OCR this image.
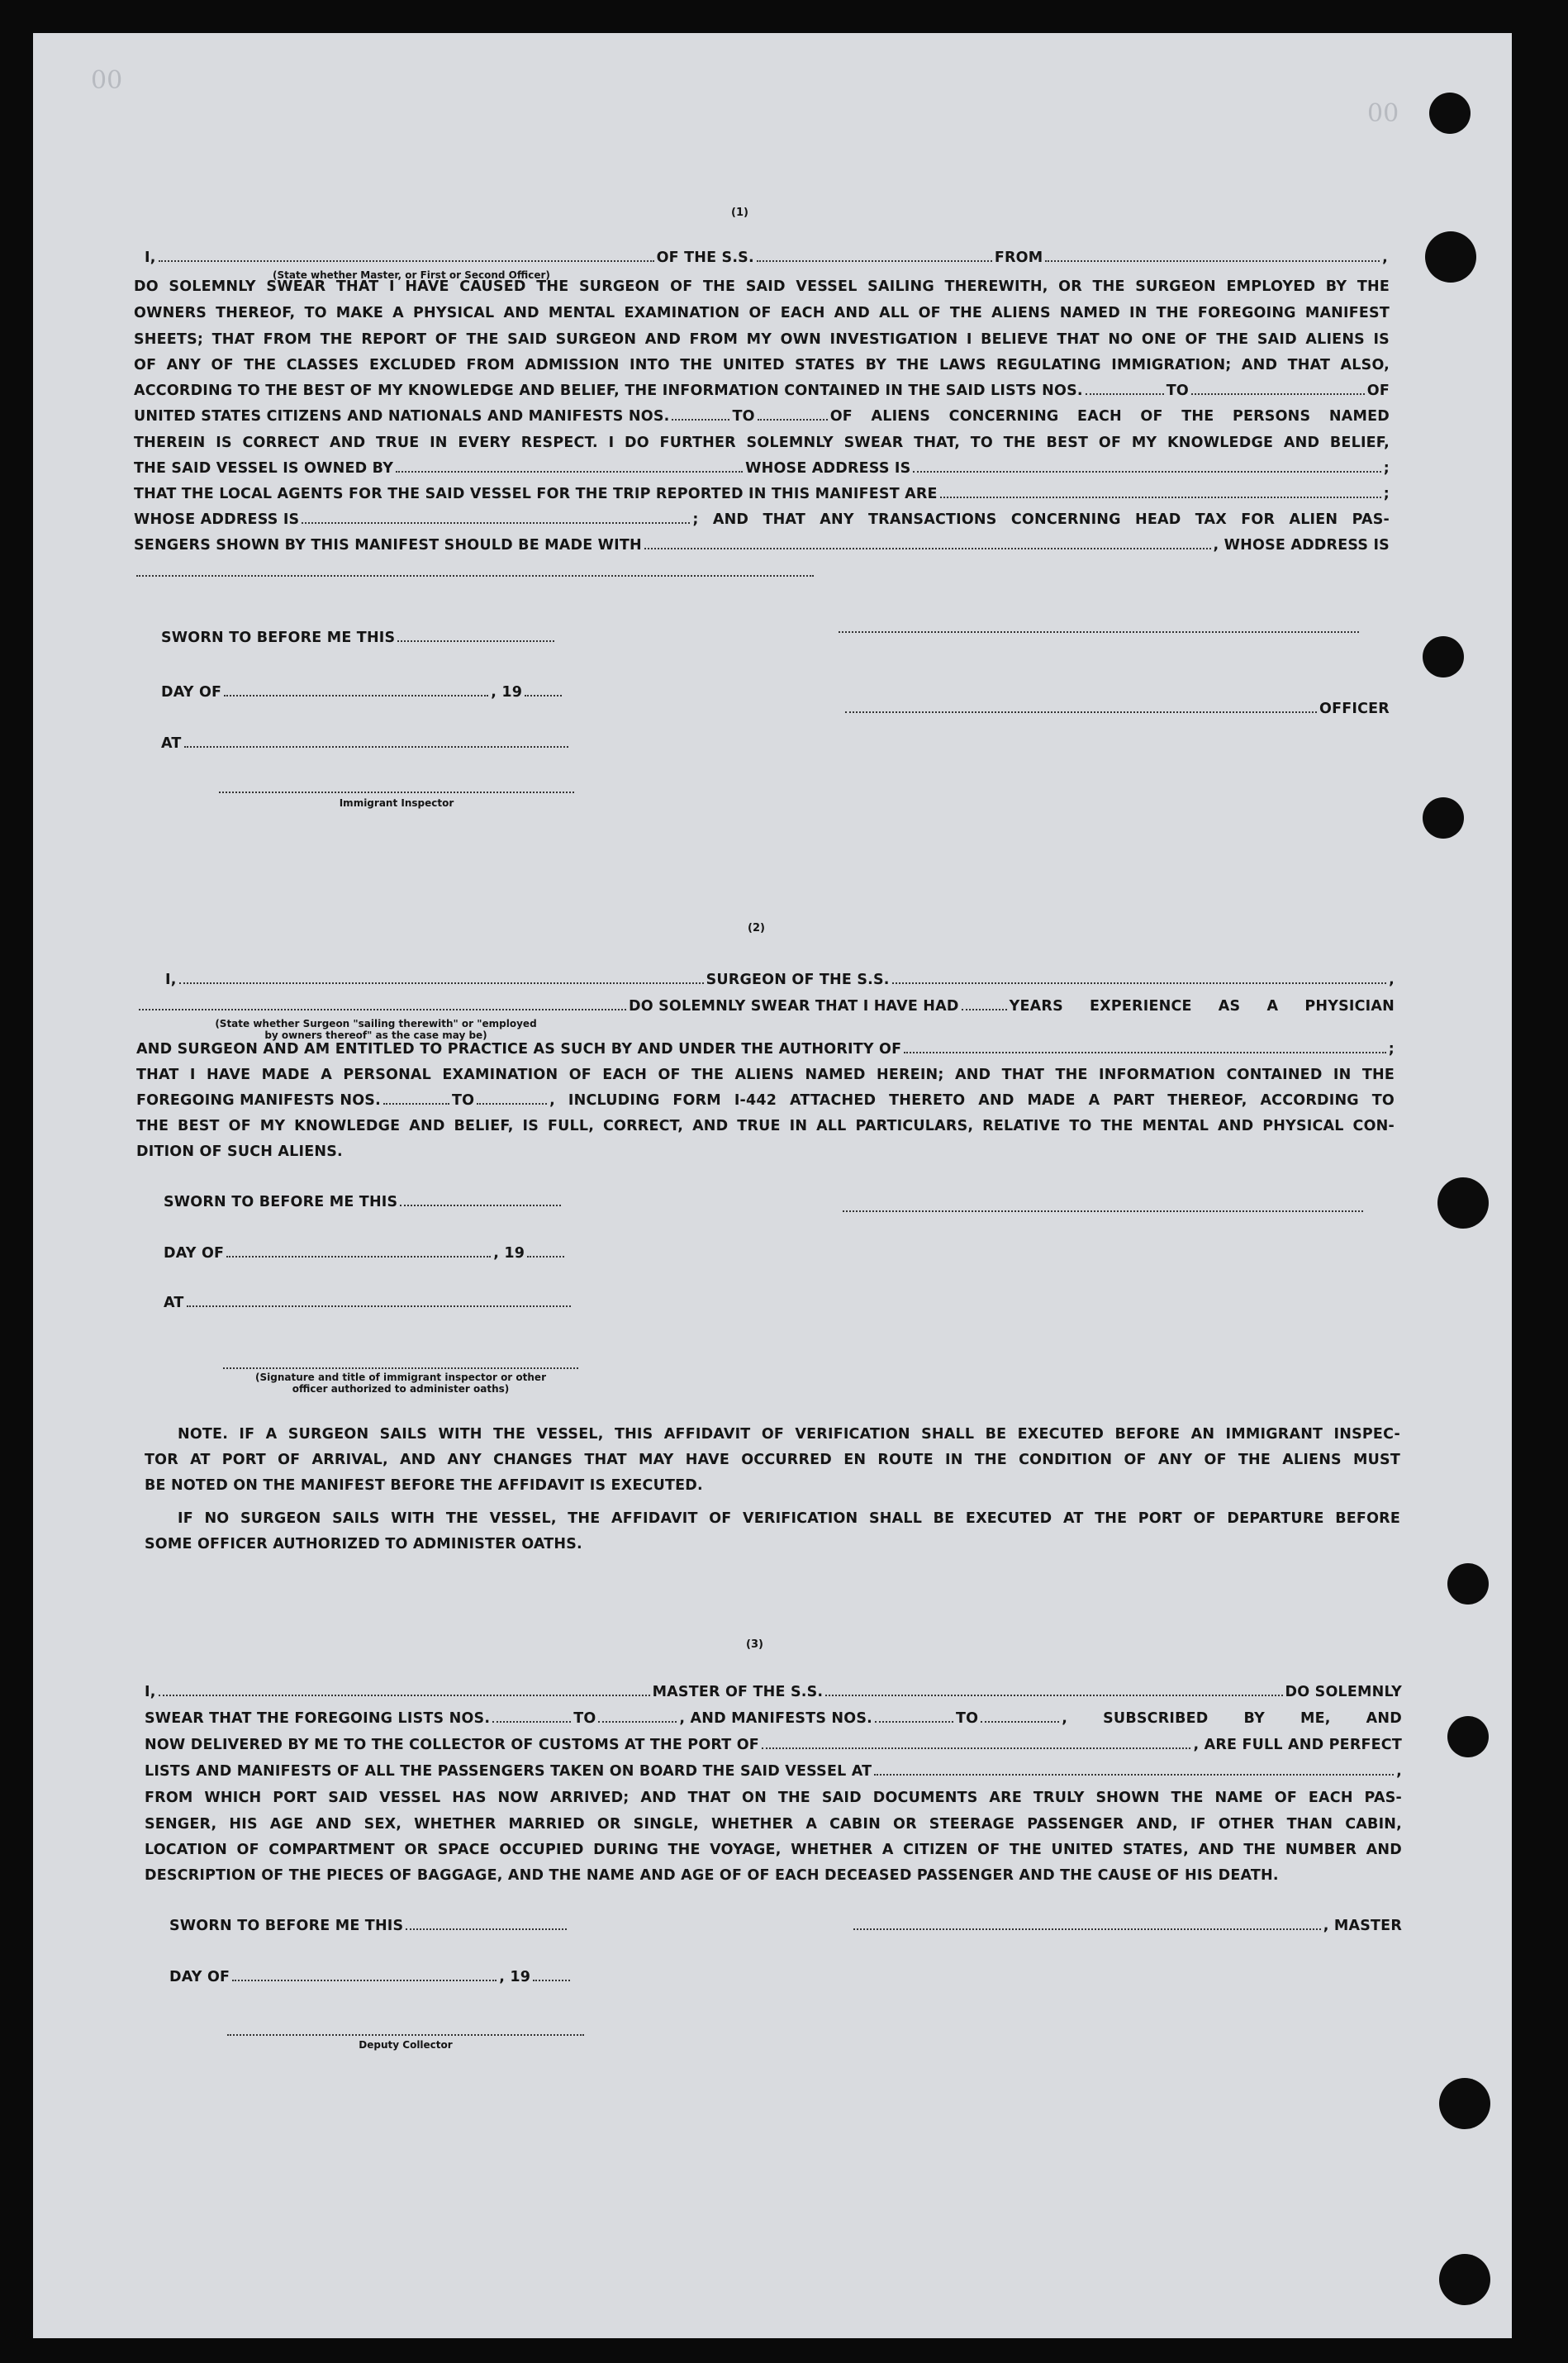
00
00
(1)
I,	OF THE S.S.	FROM	,
(State whether Master, or First or Second Officer)
DO SOLEMNLY SWEAR THAT I HAVE CAUSED THE SURGEON OF THE SAID VESSEL SAILING THEREWITH, OR THE SURGEON EMPLOYED BY THE
OWNERS THEREOF, TO MAKE A PHYSICAL AND MENTAL EXAMINATION OF EACH AND ALL OF THE ALIENS NAMED IN THE FOREGOING MANIFEST
SHEETS; THAT FROM THE REPORT OF THE SAID SURGEON AND FROM MY OWN INVESTIGATION I BELIEVE THAT NO ONE OF THE SAID ALIENS IS
OF ANY OF THE CLASSES EXCLUDED FROM ADMISSION INTO THE UNITED STATES BY THE LAWS REGULATING IMMIGRATION; AND THAT ALSO,
ACCORDING TO THE BEST OF MY KNOWLEDGE AND BELIEF, THE INFORMATION CONTAINED IN THE SAID LISTS NOS.	TO	OF
UNITED STATES CITIZENS AND NATIONALS AND MANIFESTS NOS.	TO	OF ALIENS CONCERNING EACH OF THE PERSONS NAMED
THEREIN IS CORRECT AND TRUE IN EVERY RESPECT. I DO FURTHER SOLEMNLY SWEAR THAT, TO THE BEST OF MY KNOWLEDGE AND BELIEF,
THE SAID VESSEL IS OWNED BY	WHOSE ADDRESS IS	;
THAT THE LOCAL AGENTS FOR THE SAID VESSEL FOR THE TRIP REPORTED IN THIS MANIFEST ARE	;
WHOSE ADDRESS IS	; AND THAT ANY TRANSACTIONS CONCERNING HEAD TAX FOR ALIEN PAS-
SENGERS SHOWN BY THIS MANIFEST SHOULD BE MADE WITH	, WHOSE ADDRESS IS
SWORN TO BEFORE ME THIS
DAY OF	, 19
OFFICER
AT
Immigrant Inspector
(2)
I,	SURGEON OF THE S.S.	,
DO SOLEMNLY SWEAR THAT I HAVE HAD	YEARS EXPERIENCE AS A PHYSICIAN
(State whether Surgeon "sailing therewith" or "employed by owners thereof" as the case may be)
AND SURGEON AND AM ENTITLED TO PRACTICE AS SUCH BY AND UNDER THE AUTHORITY OF	;
THAT I HAVE MADE A PERSONAL EXAMINATION OF EACH OF THE ALIENS NAMED HEREIN; AND THAT THE INFORMATION CONTAINED IN THE
FOREGOING MANIFESTS NOS.	TO	, INCLUDING FORM I-442 ATTACHED THERETO AND MADE A PART THEREOF, ACCORDING TO
THE BEST OF MY KNOWLEDGE AND BELIEF, IS FULL, CORRECT, AND TRUE IN ALL PARTICULARS, RELATIVE TO THE MENTAL AND PHYSICAL CON-
DITION OF SUCH ALIENS.
SWORN TO BEFORE ME THIS
DAY OF	, 19
AT
(Signature and title of immigrant inspector or other officer authorized to administer oaths)
NOTE. IF A SURGEON SAILS WITH THE VESSEL, THIS AFFIDAVIT OF VERIFICATION SHALL BE EXECUTED BEFORE AN IMMIGRANT INSPEC-
TOR AT PORT OF ARRIVAL, AND ANY CHANGES THAT MAY HAVE OCCURRED EN ROUTE IN THE CONDITION OF ANY OF THE ALIENS MUST
BE NOTED ON THE MANIFEST BEFORE THE AFFIDAVIT IS EXECUTED.
IF NO SURGEON SAILS WITH THE VESSEL, THE AFFIDAVIT OF VERIFICATION SHALL BE EXECUTED AT THE PORT OF DEPARTURE BEFORE
SOME OFFICER AUTHORIZED TO ADMINISTER OATHS.
(3)
I,	MASTER OF THE S.S.	DO SOLEMNLY
SWEAR THAT THE FOREGOING LISTS NOS.	TO	, AND MANIFESTS NOS.	TO	, SUBSCRIBED BY ME, AND
NOW DELIVERED BY ME TO THE COLLECTOR OF CUSTOMS AT THE PORT OF	, ARE FULL AND PERFECT
LISTS AND MANIFESTS OF ALL THE PASSENGERS TAKEN ON BOARD THE SAID VESSEL AT	,
FROM WHICH PORT SAID VESSEL HAS NOW ARRIVED; AND THAT ON THE SAID DOCUMENTS ARE TRULY SHOWN THE NAME OF EACH PAS-
SENGER, HIS AGE AND SEX, WHETHER MARRIED OR SINGLE, WHETHER A CABIN OR STEERAGE PASSENGER AND, IF OTHER THAN CABIN,
LOCATION OF COMPARTMENT OR SPACE OCCUPIED DURING THE VOYAGE, WHETHER A CITIZEN OF THE UNITED STATES, AND THE NUMBER AND
DESCRIPTION OF THE PIECES OF BAGGAGE, AND THE NAME AND AGE OF OF EACH DECEASED PASSENGER AND THE CAUSE OF HIS DEATH.
SWORN TO BEFORE ME THIS	, MASTER
DAY OF	, 19
Deputy Collector
